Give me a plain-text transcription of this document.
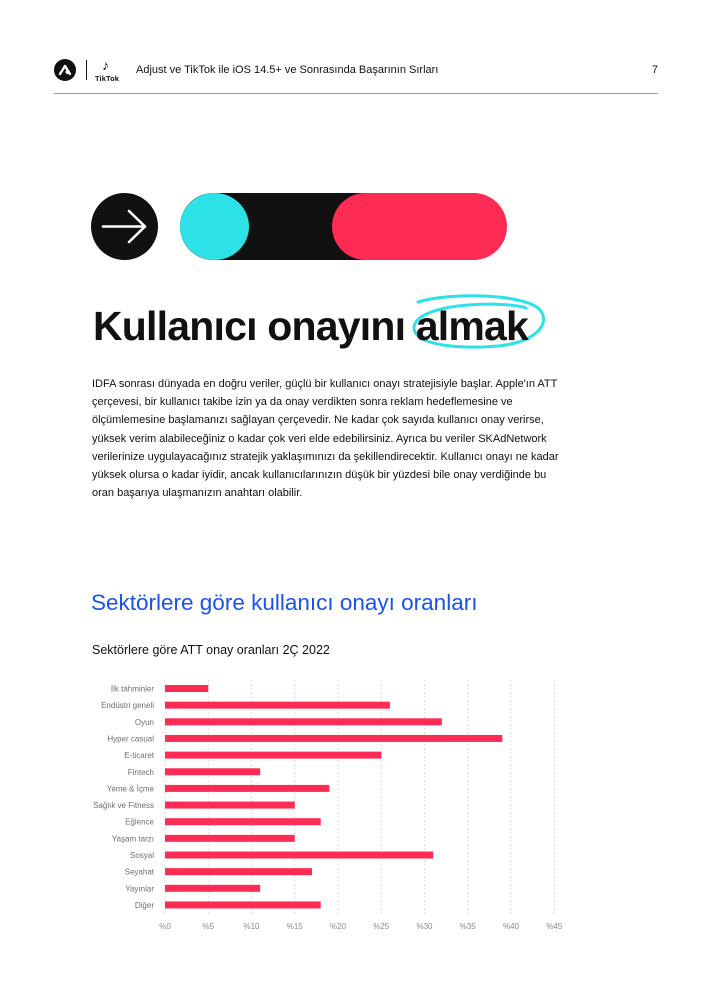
♪
TikTok
Adjust ve TikTok ile iOS 14.5+ ve Sonrasında Başarının Sırları	7
Kullanıcı onayını
almak
IDFA sonrası dünyada en doğru veriler, güçlü bir kullanıcı onayı stratejisiyle başlar. Apple'ın ATT çerçevesi, bir kullanıcı takibe izin ya da onay verdikten sonra reklam hedeflemesine ve ölçümlemesine başlamanızı sağlayan çerçevedir. Ne kadar çok sayıda kullanıcı onay verirse, yüksek verim alabileceğiniz o kadar çok veri elde edebilirsiniz. Ayrıca bu veriler SKAdNetwork verilerinize uygulayacağınız stratejik yaklaşımınızı da şekillendirecektir. Kullanıcı onayı ne kadar yüksek olursa o kadar iyidir, ancak kullanıcılarınızın düşük bir yüzdesi bile onay verdiğinde bu oran başarıya ulaşmanızın anahtarı olabilir.
Sektörlere göre kullanıcı onayı oranları
Sektörlere göre ATT onay oranları 2Ç 2022
%0	%5	%10	%15	%20	%25	%30	%35	%40	%45
İlk tahminler
Endüstri geneli
Oyun
Hyper casual
E-ticaret
Fintech
Yeme & İçme
Sağlık ve Fitness
Eğlence
Yaşam tarzı
Sosyal
Seyahat
Yayınlar
Diğer
